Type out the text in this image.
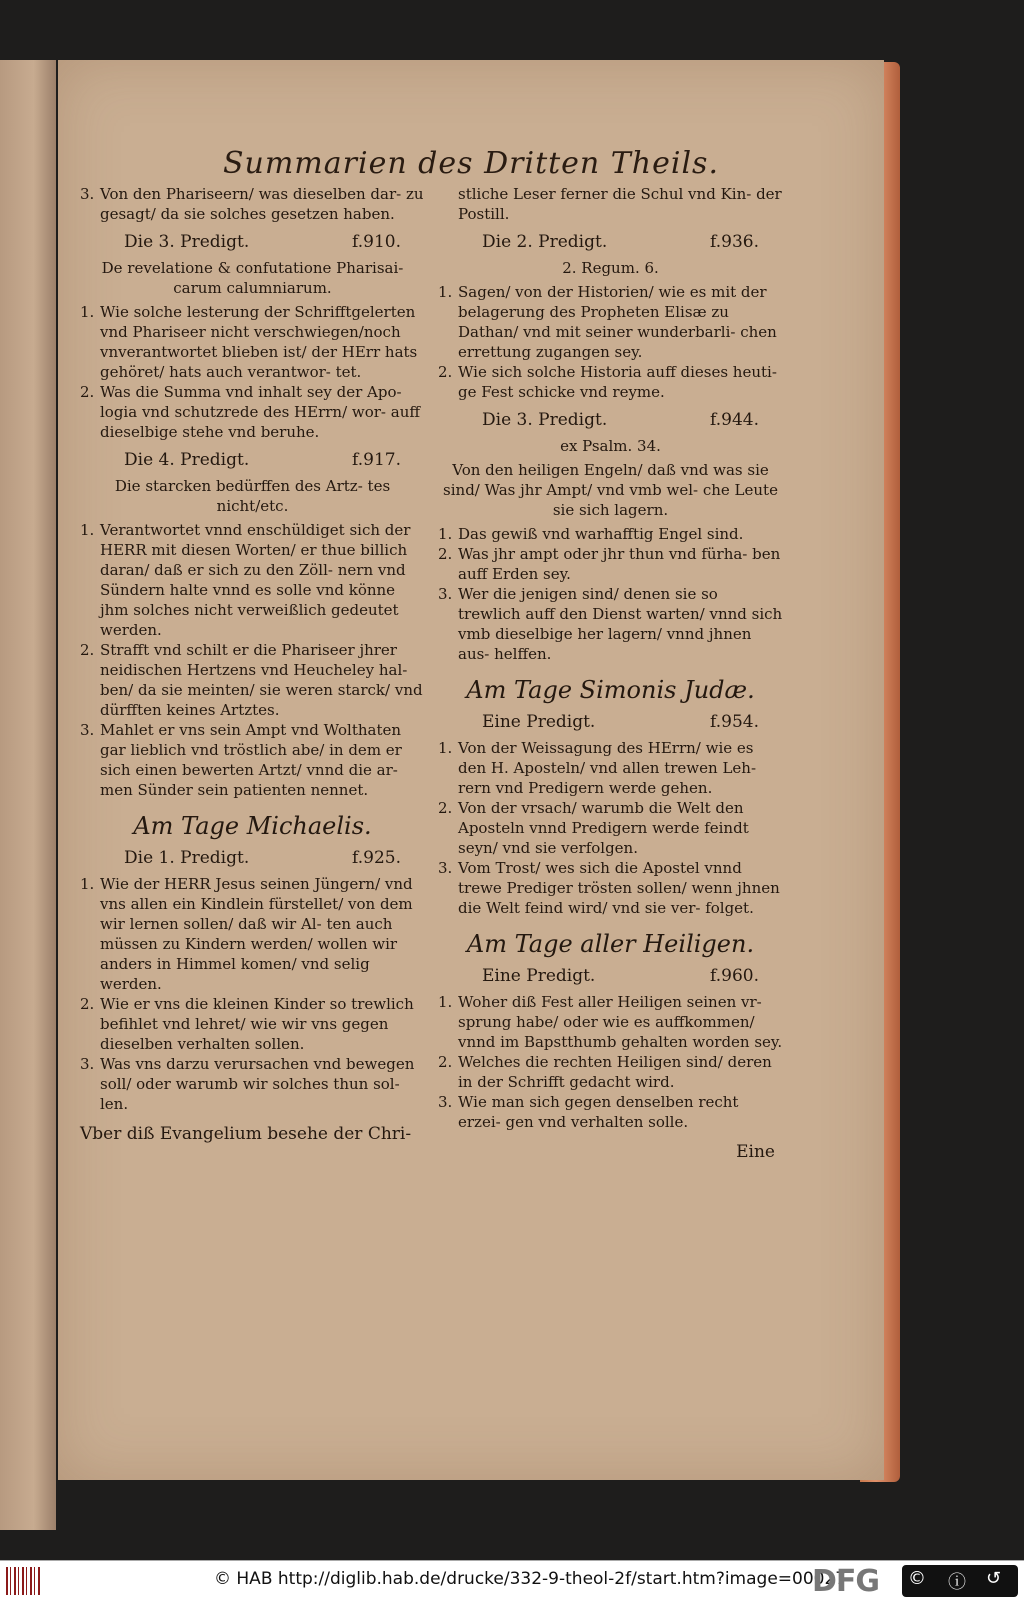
Summarien des Dritten Theils.
3. Von den Phariseern/ was dieselben dar- zu gesagt/ da sie solches gesetzen haben.
Die 3. Predigt.	f.910.
De revelatione & confutatione Pharisai- carum calumniarum.
1. Wie solche lesterung der Schrifftgelerten vnd Phariseer nicht verschwiegen/noch vnverantwortet blieben ist/ der HErr hats gehöret/ hats auch verantwor- tet.
2. Was die Summa vnd inhalt sey der Apo- logia vnd schutzrede des HErrn/ wor- auff dieselbige stehe vnd beruhe.
Die 4. Predigt.	f.917.
Die starcken bedürffen des Artz- tes nicht/etc.
1. Verantwortet vnnd enschüldiget sich der HERR mit diesen Worten/ er thue billich daran/ daß er sich zu den Zöll- nern vnd Sündern halte vnnd es solle vnd könne jhm solches nicht verweißlich gedeutet werden.
2. Strafft vnd schilt er die Phariseer jhrer neidischen Hertzens vnd Heucheley hal- ben/ da sie meinten/ sie weren starck/ vnd dürfften keines Artztes.
3. Mahlet er vns sein Ampt vnd Wolthaten gar lieblich vnd tröstlich abe/ in dem er sich einen bewerten Artzt/ vnnd die ar- men Sünder sein patienten nennet.
Am Tage Michaelis.
Die 1. Predigt.	f.925.
1. Wie der HERR Jesus seinen Jüngern/ vnd vns allen ein Kindlein fürstellet/ von dem wir lernen sollen/ daß wir Al- ten auch müssen zu Kindern werden/ wollen wir anders in Himmel komen/ vnd selig werden.
2. Wie er vns die kleinen Kinder so trewlich befihlet vnd lehret/ wie wir vns gegen dieselben verhalten sollen.
3. Was vns darzu verursachen vnd bewegen soll/ oder warumb wir solches thun sol- len.
Vber diß Evangelium besehe der Chri-
stliche Leser ferner die Schul vnd Kin- der Postill.
Die 2. Predigt.	f.936.
2. Regum. 6.
1. Sagen/ von der Historien/ wie es mit der belagerung des Propheten Elisæ zu Dathan/ vnd mit seiner wunderbarli- chen errettung zugangen sey.
2. Wie sich solche Historia auff dieses heuti- ge Fest schicke vnd reyme.
Die 3. Predigt.	f.944.
ex Psalm. 34.
Von den heiligen Engeln/ daß vnd was sie sind/ Was jhr Ampt/ vnd vmb wel- che Leute sie sich lagern.
1. Das gewiß vnd warhafftig Engel sind.
2. Was jhr ampt oder jhr thun vnd fürha- ben auff Erden sey.
3. Wer die jenigen sind/ denen sie so trewlich auff den Dienst warten/ vnnd sich vmb dieselbige her lagern/ vnnd jhnen aus- helffen.
Am Tage Simonis Judæ.
Eine Predigt.	f.954.
1. Von der Weissagung des HErrn/ wie es den H. Aposteln/ vnd allen trewen Leh- rern vnd Predigern werde gehen.
2. Von der vrsach/ warumb die Welt den Aposteln vnnd Predigern werde feindt seyn/ vnd sie verfolgen.
3. Vom Trost/ wes sich die Apostel vnnd trewe Prediger trösten sollen/ wenn jhnen die Welt feind wird/ vnd sie ver- folget.
Am Tage aller Heiligen.
Eine Predigt.	f.960.
1. Woher diß Fest aller Heiligen seinen vr- sprung habe/ oder wie es auffkommen/ vnnd im Bapstthumb gehalten worden sey.
2. Welches die rechten Heiligen sind/ deren in der Schrifft gedacht wird.
3. Wie man sich gegen denselben recht erzei- gen vnd verhalten solle.
Eine
© HAB http://diglib.hab.de/drucke/332-9-theol-2f/start.htm?image=00027
DFG © ⓘ ↺
